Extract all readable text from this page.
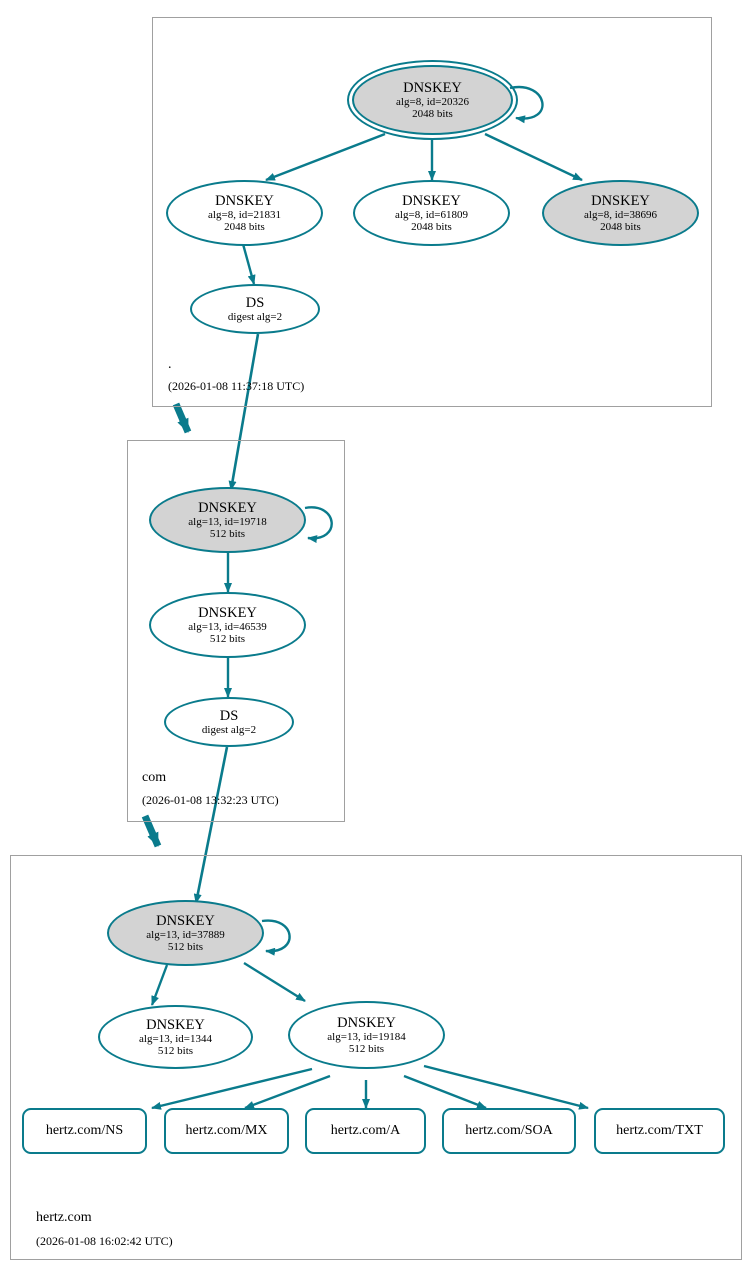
.
(2026-01-08 11:37:18 UTC)
DNSKEY
alg=8, id=20326
2048 bits
DNSKEY
alg=8, id=21831
2048 bits
DNSKEY
alg=8, id=61809
2048 bits
DNSKEY
alg=8, id=38696
2048 bits
DS
digest alg=2
com
(2026-01-08 13:32:23 UTC)
DNSKEY
alg=13, id=19718
512 bits
DNSKEY
alg=13, id=46539
512 bits
DS
digest alg=2
hertz.com
(2026-01-08 16:02:42 UTC)
DNSKEY
alg=13, id=37889
512 bits
DNSKEY
alg=13, id=1344
512 bits
DNSKEY
alg=13, id=19184
512 bits
hertz.com/NS	hertz.com/MX	hertz.com/A	hertz.com/SOA	hertz.com/TXT
